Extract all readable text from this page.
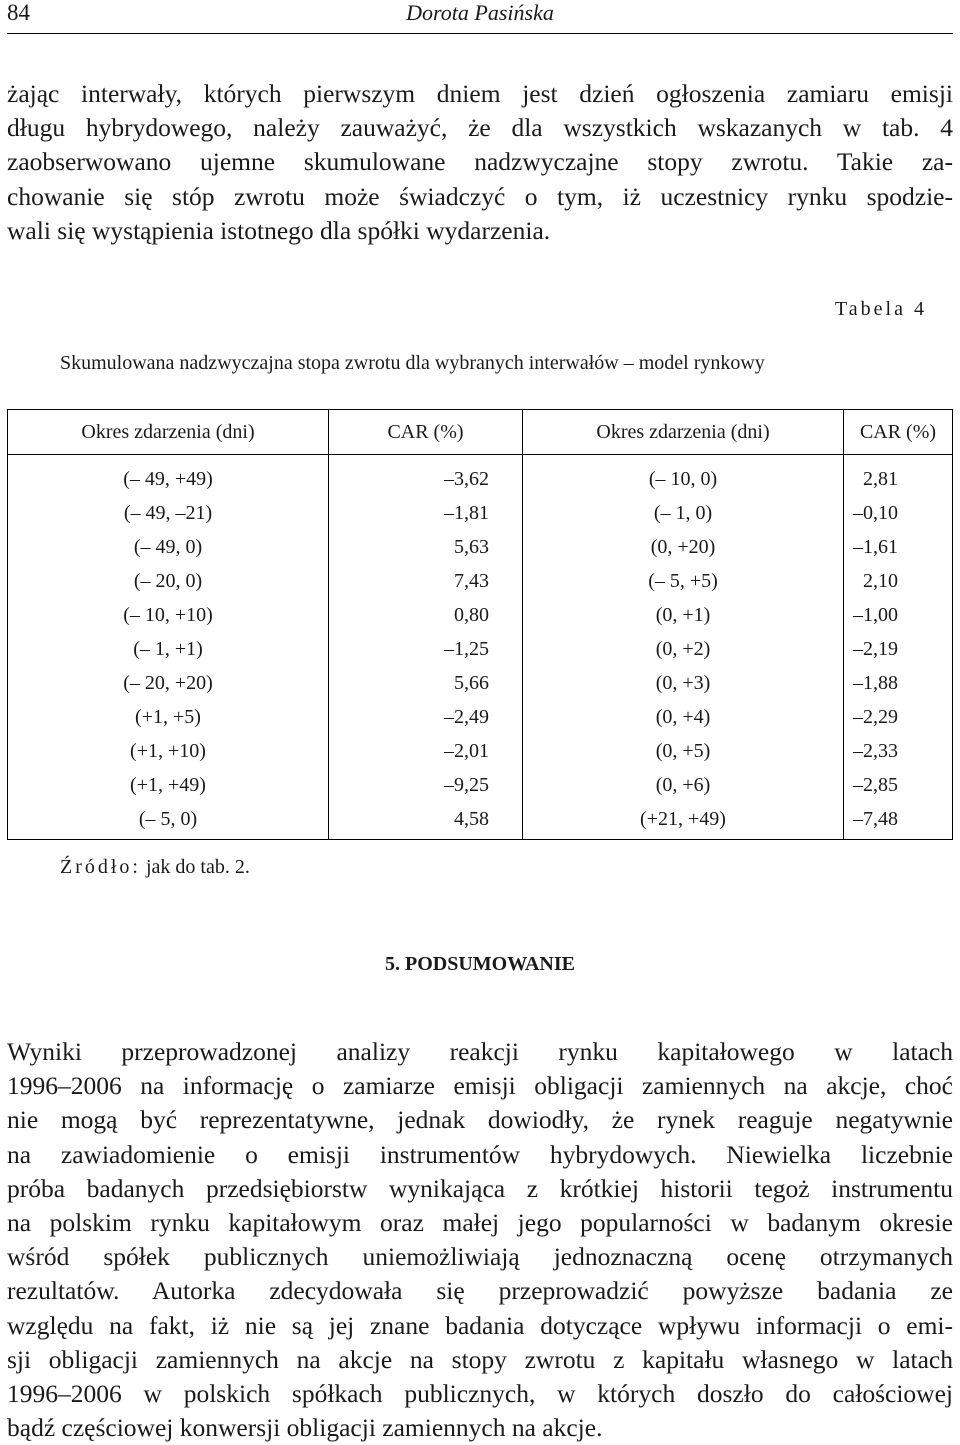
84	Dorota Pasińska
żając interwały, których pierwszym dniem jest dzień ogłoszenia zamiaru emisji
długu hybrydowego, należy zauważyć, że dla wszystkich wskazanych w tab. 4
zaobserwowano ujemne skumulowane nadzwyczajne stopy zwrotu. Takie za-
chowanie się stóp zwrotu może świadczyć o tym, iż uczestnicy rynku spodzie-
wali się wystąpienia istotnego dla spółki wydarzenia.
Tabela 4
Skumulowana nadzwyczajna stopa zwrotu dla wybranych interwałów – model rynkowy
Okres zdarzenia (dni)	CAR (%)	Okres zdarzenia (dni)	CAR (%)
(– 49, +49)	–3,62	(– 10, 0)	2,81
(– 49, –21)	–1,81	(– 1, 0)	–0,10
(– 49, 0)	5,63	(0, +20)	–1,61
(– 20, 0)	7,43	(– 5, +5)	2,10
(– 10, +10)	0,80	(0, +1)	–1,00
(– 1, +1)	–1,25	(0, +2)	–2,19
(– 20, +20)	5,66	(0, +3)	–1,88
(+1, +5)	–2,49	(0, +4)	–2,29
(+1, +10)	–2,01	(0, +5)	–2,33
(+1, +49)	–9,25	(0, +6)	–2,85
(– 5, 0)	4,58	(+21, +49)	–7,48
Źródło: jak do tab. 2.
5. PODSUMOWANIE
Wyniki przeprowadzonej analizy reakcji rynku kapitałowego w latach
1996–2006 na informację o zamiarze emisji obligacji zamiennych na akcje, choć
nie mogą być reprezentatywne, jednak dowiodły, że rynek reaguje negatywnie
na zawiadomienie o emisji instrumentów hybrydowych. Niewielka liczebnie
próba badanych przedsiębiorstw wynikająca z krótkiej historii tegoż instrumentu
na polskim rynku kapitałowym oraz małej jego popularności w badanym okresie
wśród spółek publicznych uniemożliwiają jednoznaczną ocenę otrzymanych
rezultatów. Autorka zdecydowała się przeprowadzić powyższe badania ze
względu na fakt, iż nie są jej znane badania dotyczące wpływu informacji o emi-
sji obligacji zamiennych na akcje na stopy zwrotu z kapitału własnego w latach
1996–2006 w polskich spółkach publicznych, w których doszło do całościowej
bądź częściowej konwersji obligacji zamiennych na akcje.
